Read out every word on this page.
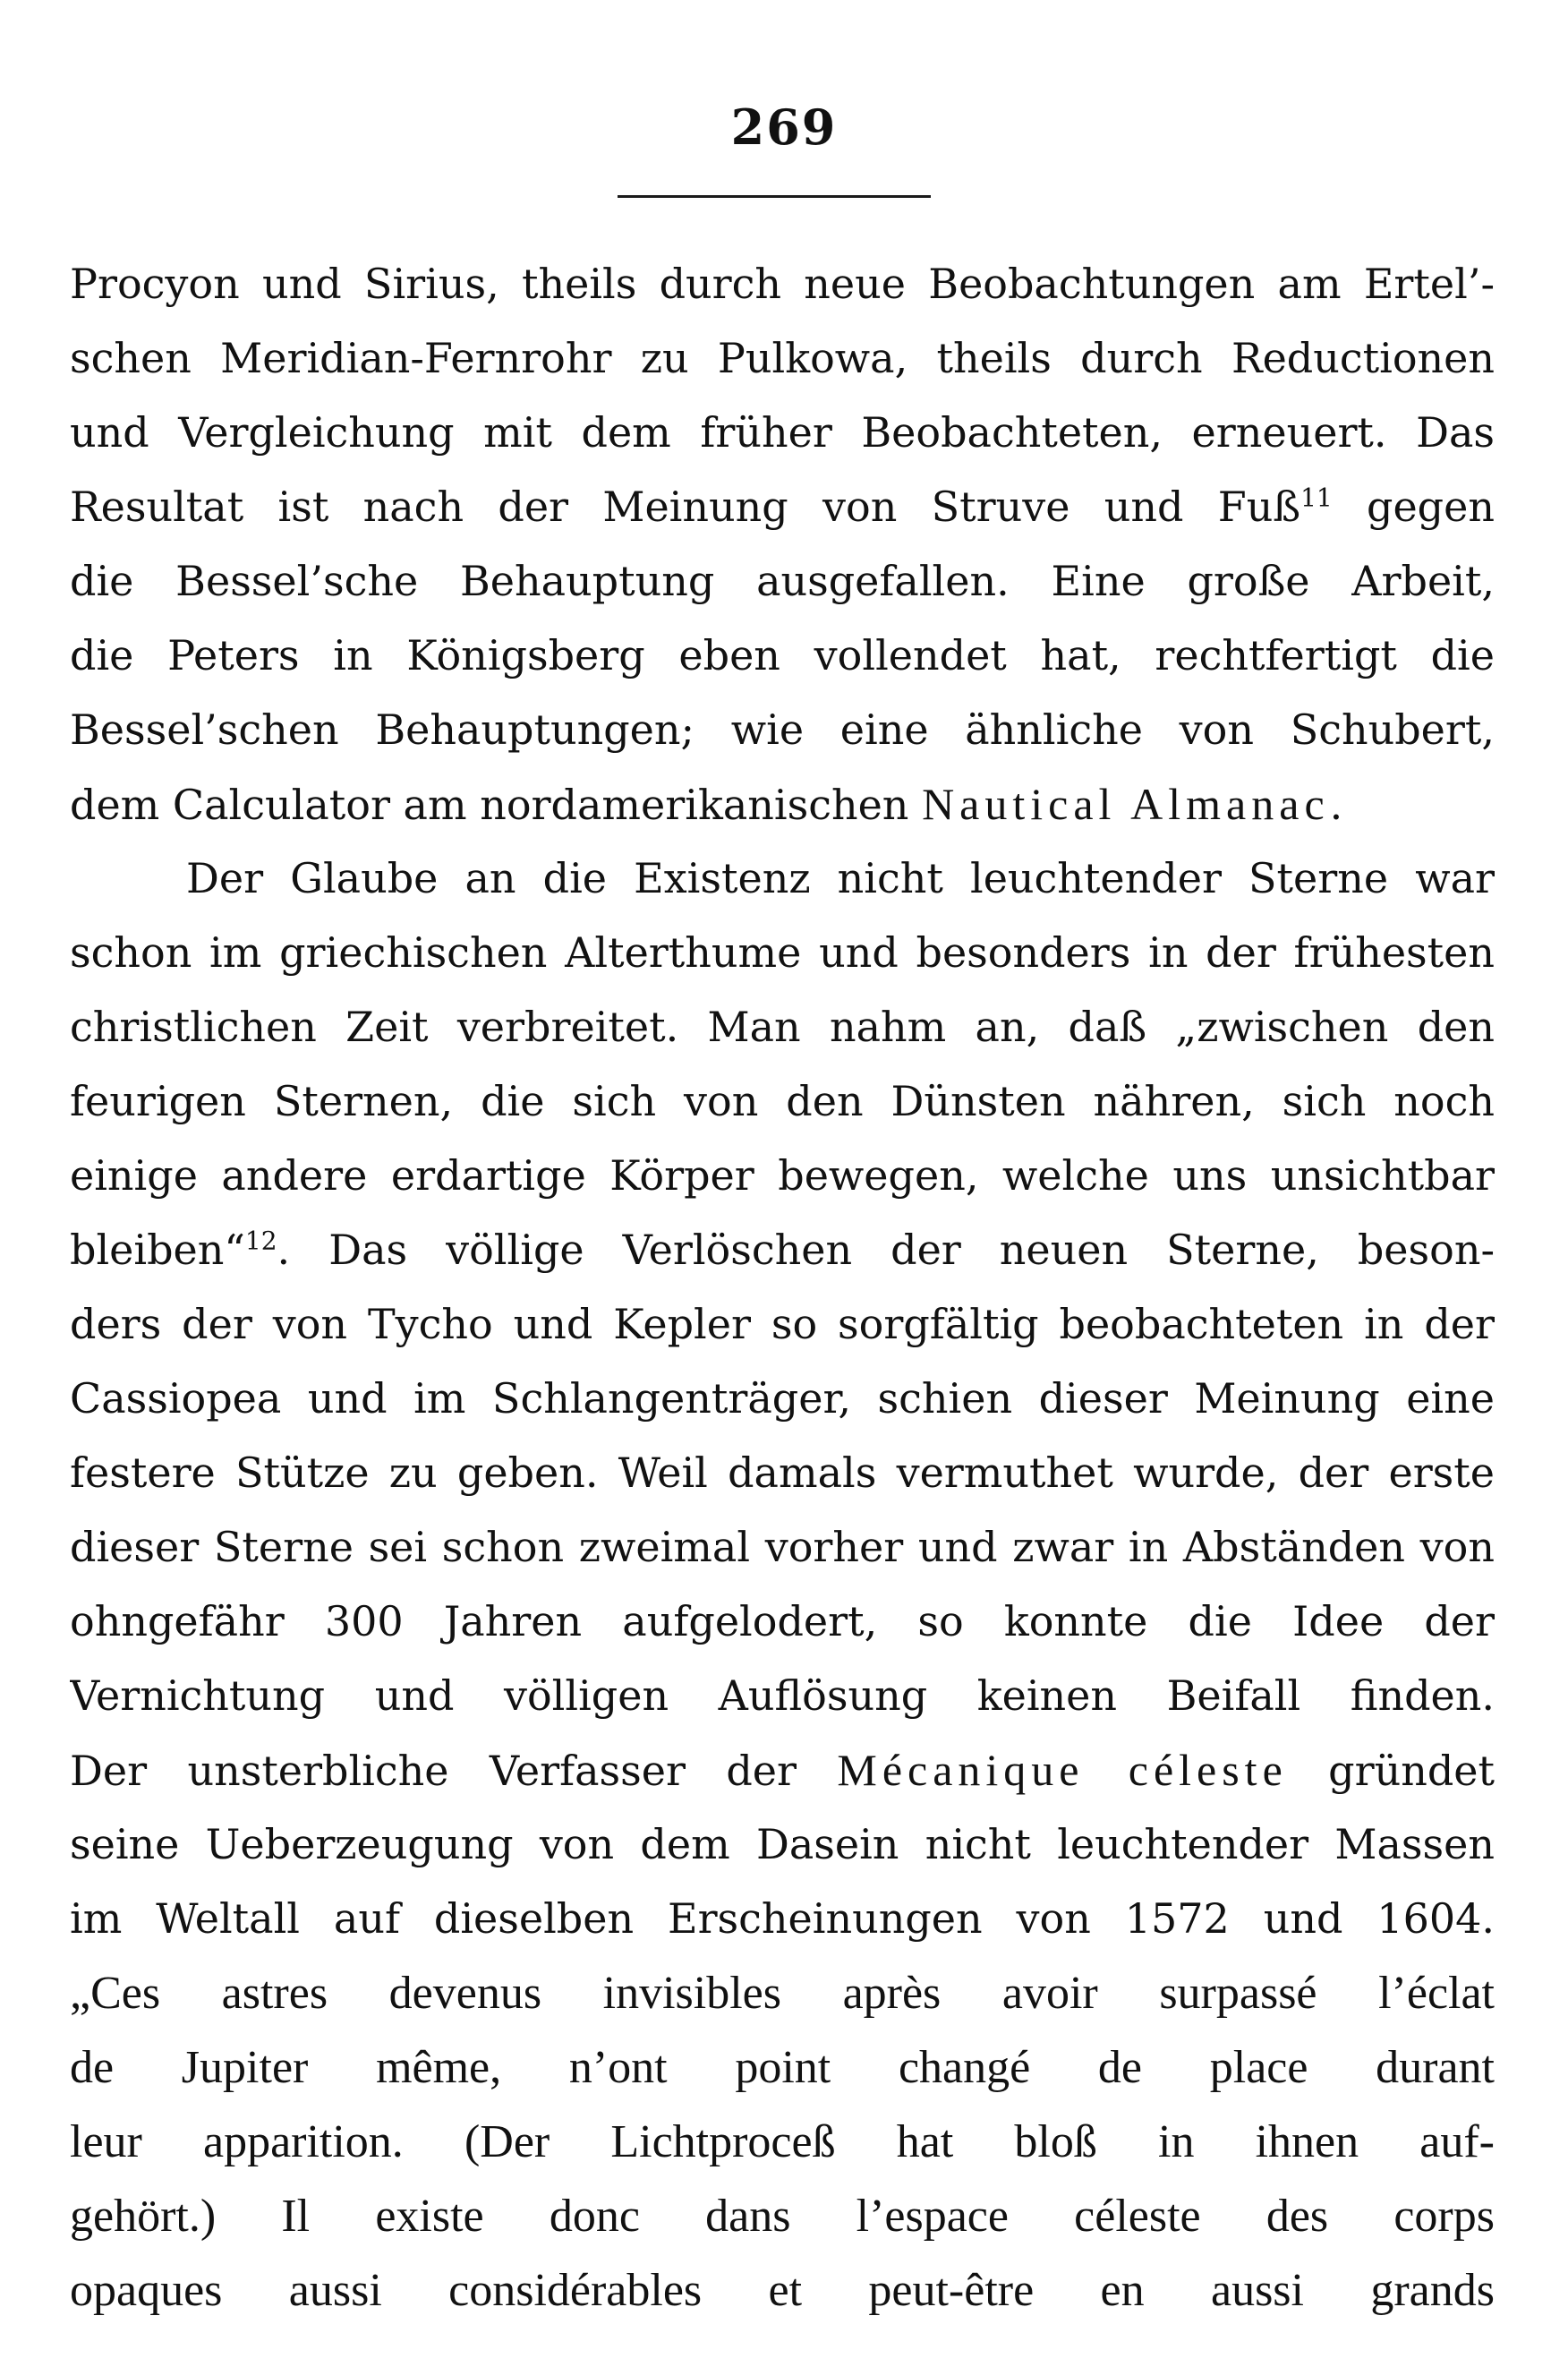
269
Procyon und Sirius, theils durch neue Beobachtungen am Ertel’-
schen Meridian-Fernrohr zu Pulkowa, theils durch Reductionen
und Vergleichung mit dem früher Beobachteten, erneuert. Das
Resultat ist nach der Meinung von Struve und Fuß$^{11}$ gegen
die Bessel’sche Behauptung ausgefallen. Eine große Arbeit,
die Peters in Königsberg eben vollendet hat, rechtfertigt die
Bessel’schen Behauptungen; wie eine ähnliche von Schubert,
dem Calculator am nordamerikanischen Nautical Almanac.
Der Glaube an die Existenz nicht leuchtender Sterne war
schon im griechischen Alterthume und besonders in der frühesten
christlichen Zeit verbreitet. Man nahm an, daß „zwischen den
feurigen Sternen, die sich von den Dünsten nähren, sich noch
einige andere erdartige Körper bewegen, welche uns unsichtbar
bleiben“$^{12}$. Das völlige Verlöschen der neuen Sterne, beson-
ders der von Tycho und Kepler so sorgfältig beobachteten in der
Cassiopea und im Schlangenträger, schien dieser Meinung eine
festere Stütze zu geben. Weil damals vermuthet wurde, der erste
dieser Sterne sei schon zweimal vorher und zwar in Abständen von
ohngefähr 300 Jahren aufgelodert, so konnte die Idee der
Vernichtung und völligen Auflösung keinen Beifall finden.
Der unsterbliche Verfasser der Mécanique céleste gründet
seine Ueberzeugung von dem Dasein nicht leuchtender Massen
im Weltall auf dieselben Erscheinungen von 1572 und 1604.
„Ces astres devenus invisibles après avoir surpassé l’éclat
de Jupiter même, n’ont point changé de place durant
leur apparition. (Der Lichtproceß hat bloß in ihnen auf-
gehört.) Il existe donc dans l’espace céleste des corps
opaques aussi considérables et peut-être en aussi grands
